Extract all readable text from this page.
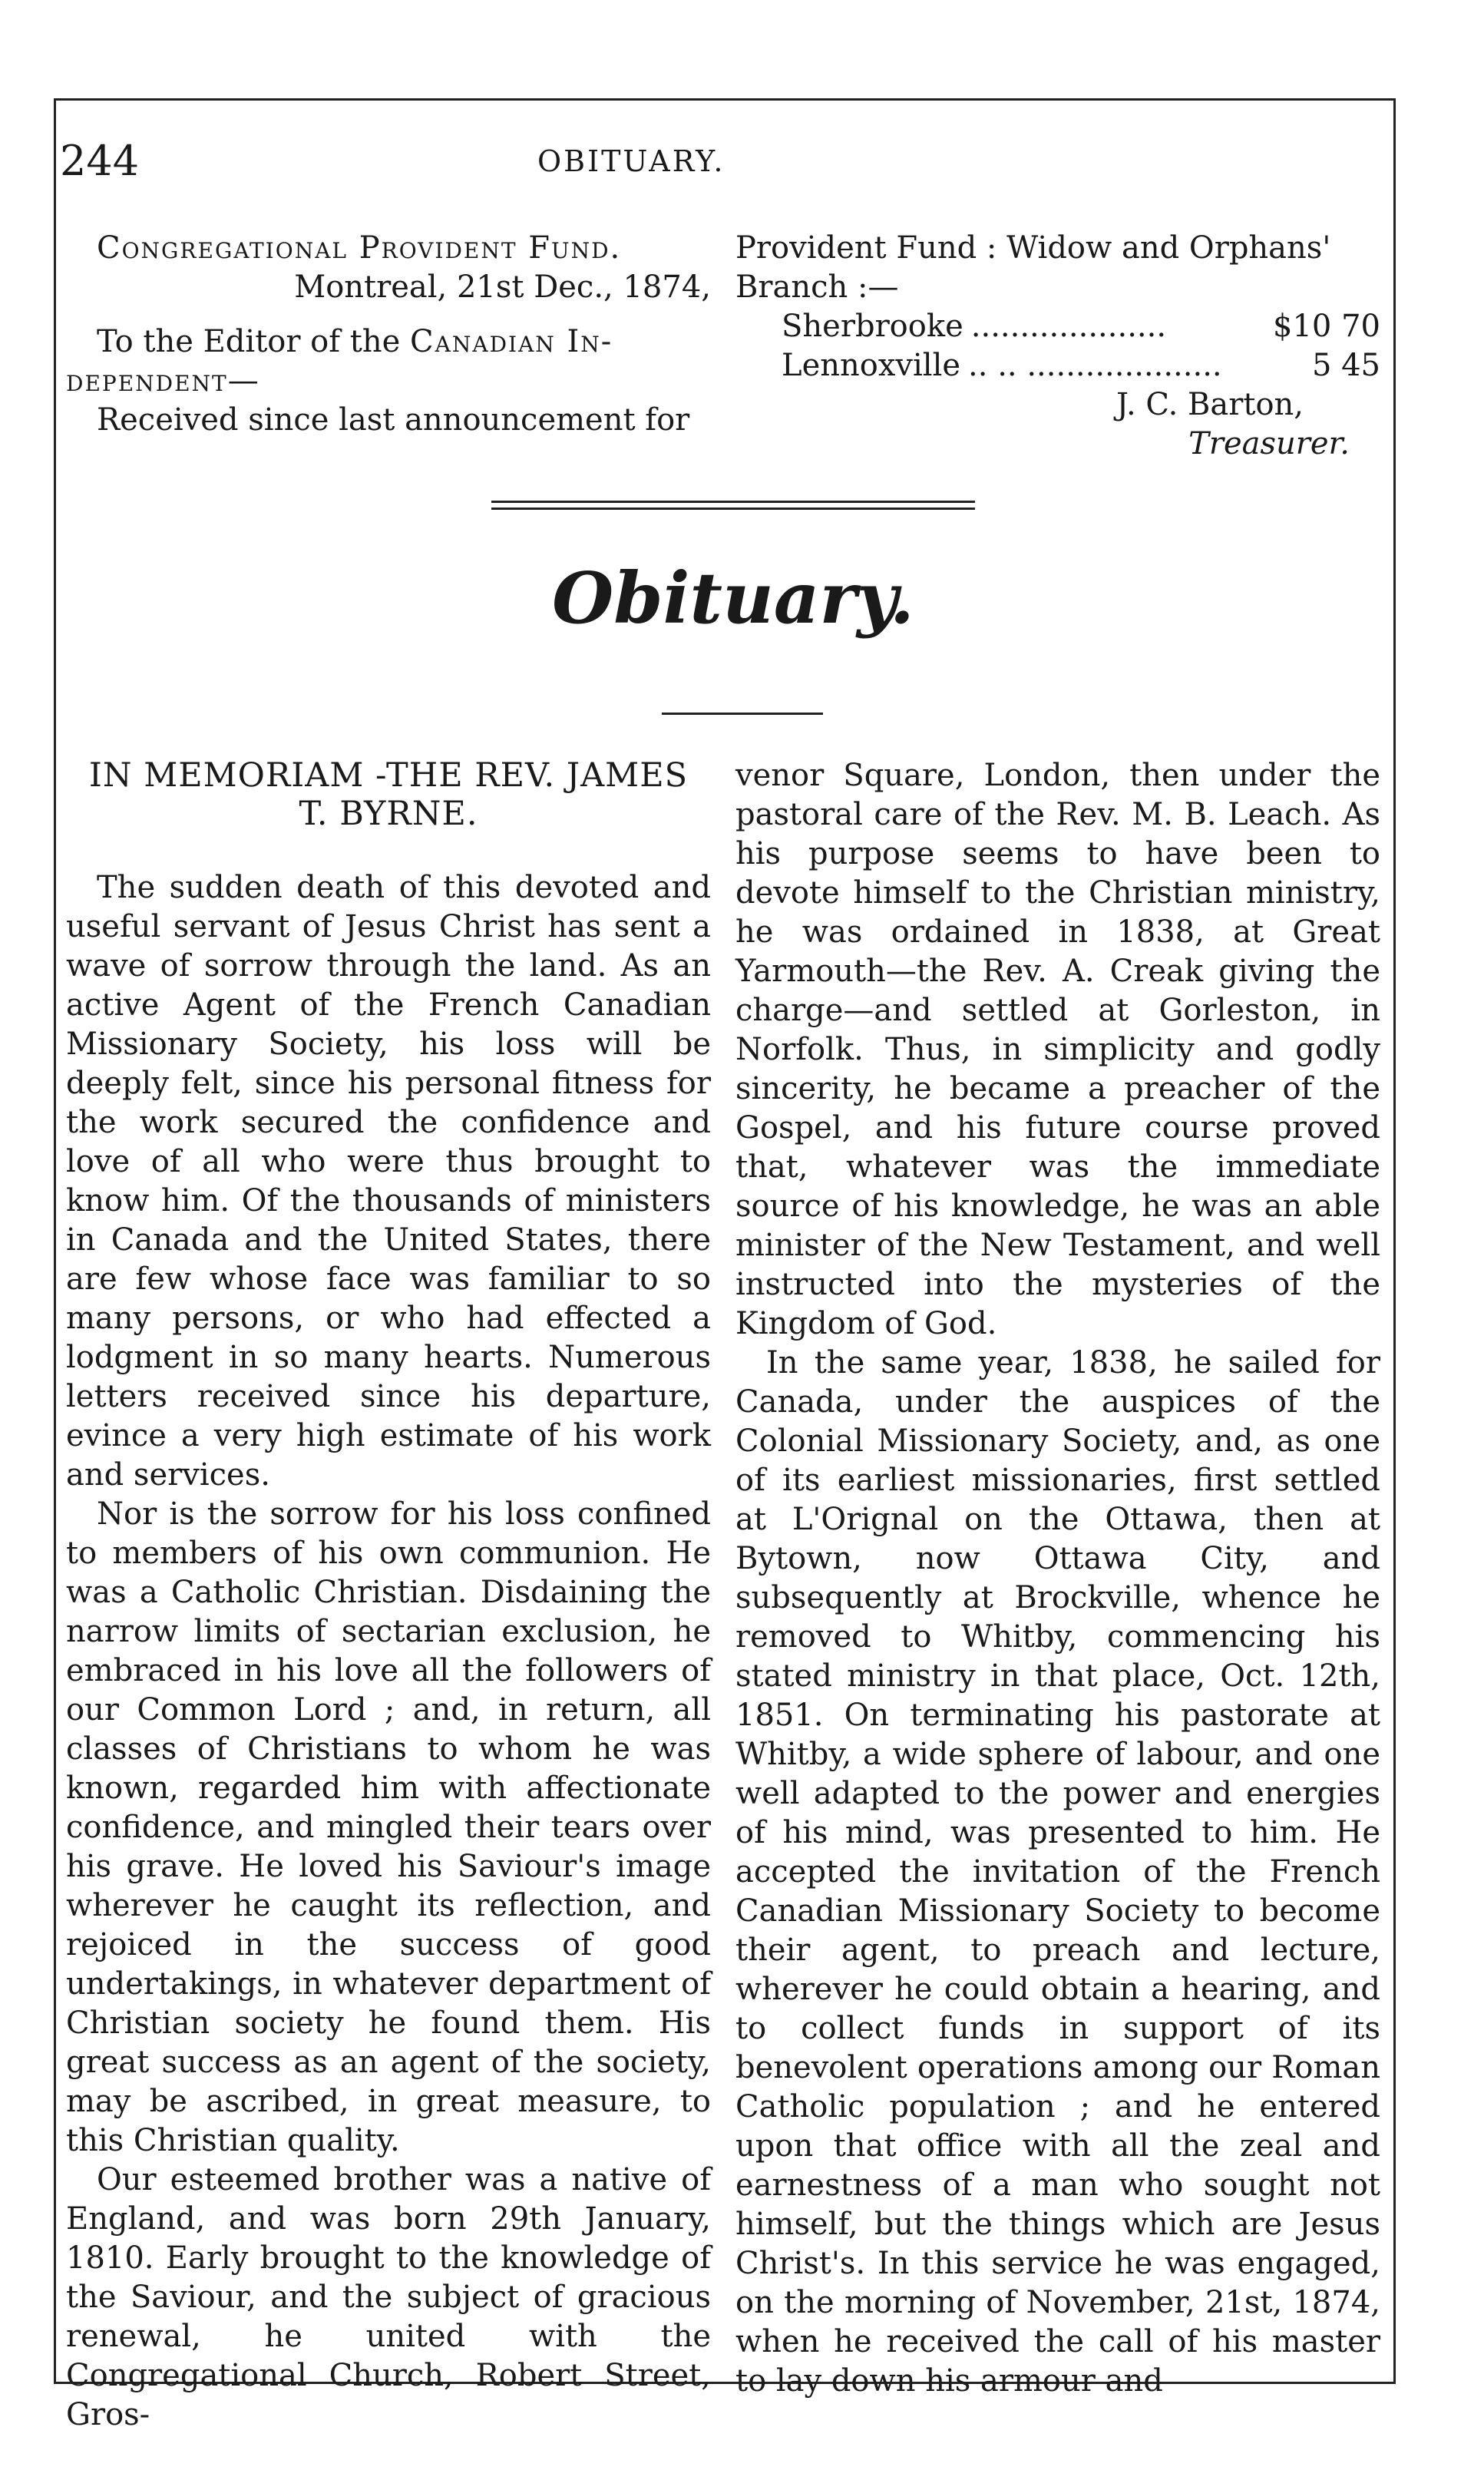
244	OBITUARY.

Congregational Provident Fund.

Montreal, 21st Dec., 1874,

To the Editor of the Canadian In-
dependent—

Received since last announcement for

Provident Fund : Widow and Orphans'

Branch :—

Sherbrooke ....................	$10 70
Lennoxville .. .. ....................	5 45

J. C. Barton,

Treasurer.

Obituary.
IN MEMORIAM -THE REV. JAMES
T. BYRNE.

The sudden death of this devoted and useful servant of Jesus Christ has sent a wave of sorrow through the land. As an active Agent of the French Canadian Missionary Society, his loss will be deeply felt, since his personal fitness for the work secured the confidence and love of all who were thus brought to know him. Of the thousands of ministers in Canada and the United States, there are few whose face was familiar to so many persons, or who had effected a lodgment in so many hearts. Numerous letters received since his departure, evince a very high estimate of his work and services.

Nor is the sorrow for his loss confined to members of his own communion. He was a Catholic Christian. Disdaining the narrow limits of sectarian exclusion, he embraced in his love all the followers of our Common Lord ; and, in return, all classes of Christians to whom he was known, regarded him with affectionate confidence, and mingled their tears over his grave. He loved his Saviour's image wherever he caught its reflection, and rejoiced in the success of good undertakings, in whatever department of Christian society he found them. His great success as an agent of the society, may be ascribed, in great measure, to this Christian quality.

Our esteemed brother was a native of England, and was born 29th January, 1810. Early brought to the knowledge of the Saviour, and the subject of gracious renewal, he united with the Congregational Church, Robert Street, Gros-

venor Square, London, then under the pastoral care of the Rev. M. B. Leach. As his purpose seems to have been to devote himself to the Christian ministry, he was ordained in 1838, at Great Yarmouth—the Rev. A. Creak giving the charge—and settled at Gorleston, in Norfolk. Thus, in simplicity and godly sincerity, he became a preacher of the Gospel, and his future course proved that, whatever was the immediate source of his knowledge, he was an able minister of the New Testament, and well instructed into the mysteries of the Kingdom of God.

In the same year, 1838, he sailed for Canada, under the auspices of the Colonial Missionary Society, and, as one of its earliest missionaries, first settled at L'Orignal on the Ottawa, then at Bytown, now Ottawa City, and subsequently at Brockville, whence he removed to Whitby, commencing his stated ministry in that place, Oct. 12th, 1851. On terminating his pastorate at Whitby, a wide sphere of labour, and one well adapted to the power and energies of his mind, was presented to him. He accepted the invitation of the French Canadian Missionary Society to become their agent, to preach and lecture, wherever he could obtain a hearing, and to collect funds in support of its benevolent operations among our Roman Catholic population ; and he entered upon that office with all the zeal and earnestness of a man who sought not himself, but the things which are Jesus Christ's. In this service he was engaged, on the morning of November, 21st, 1874, when he received the call of his master to lay down his armour and
